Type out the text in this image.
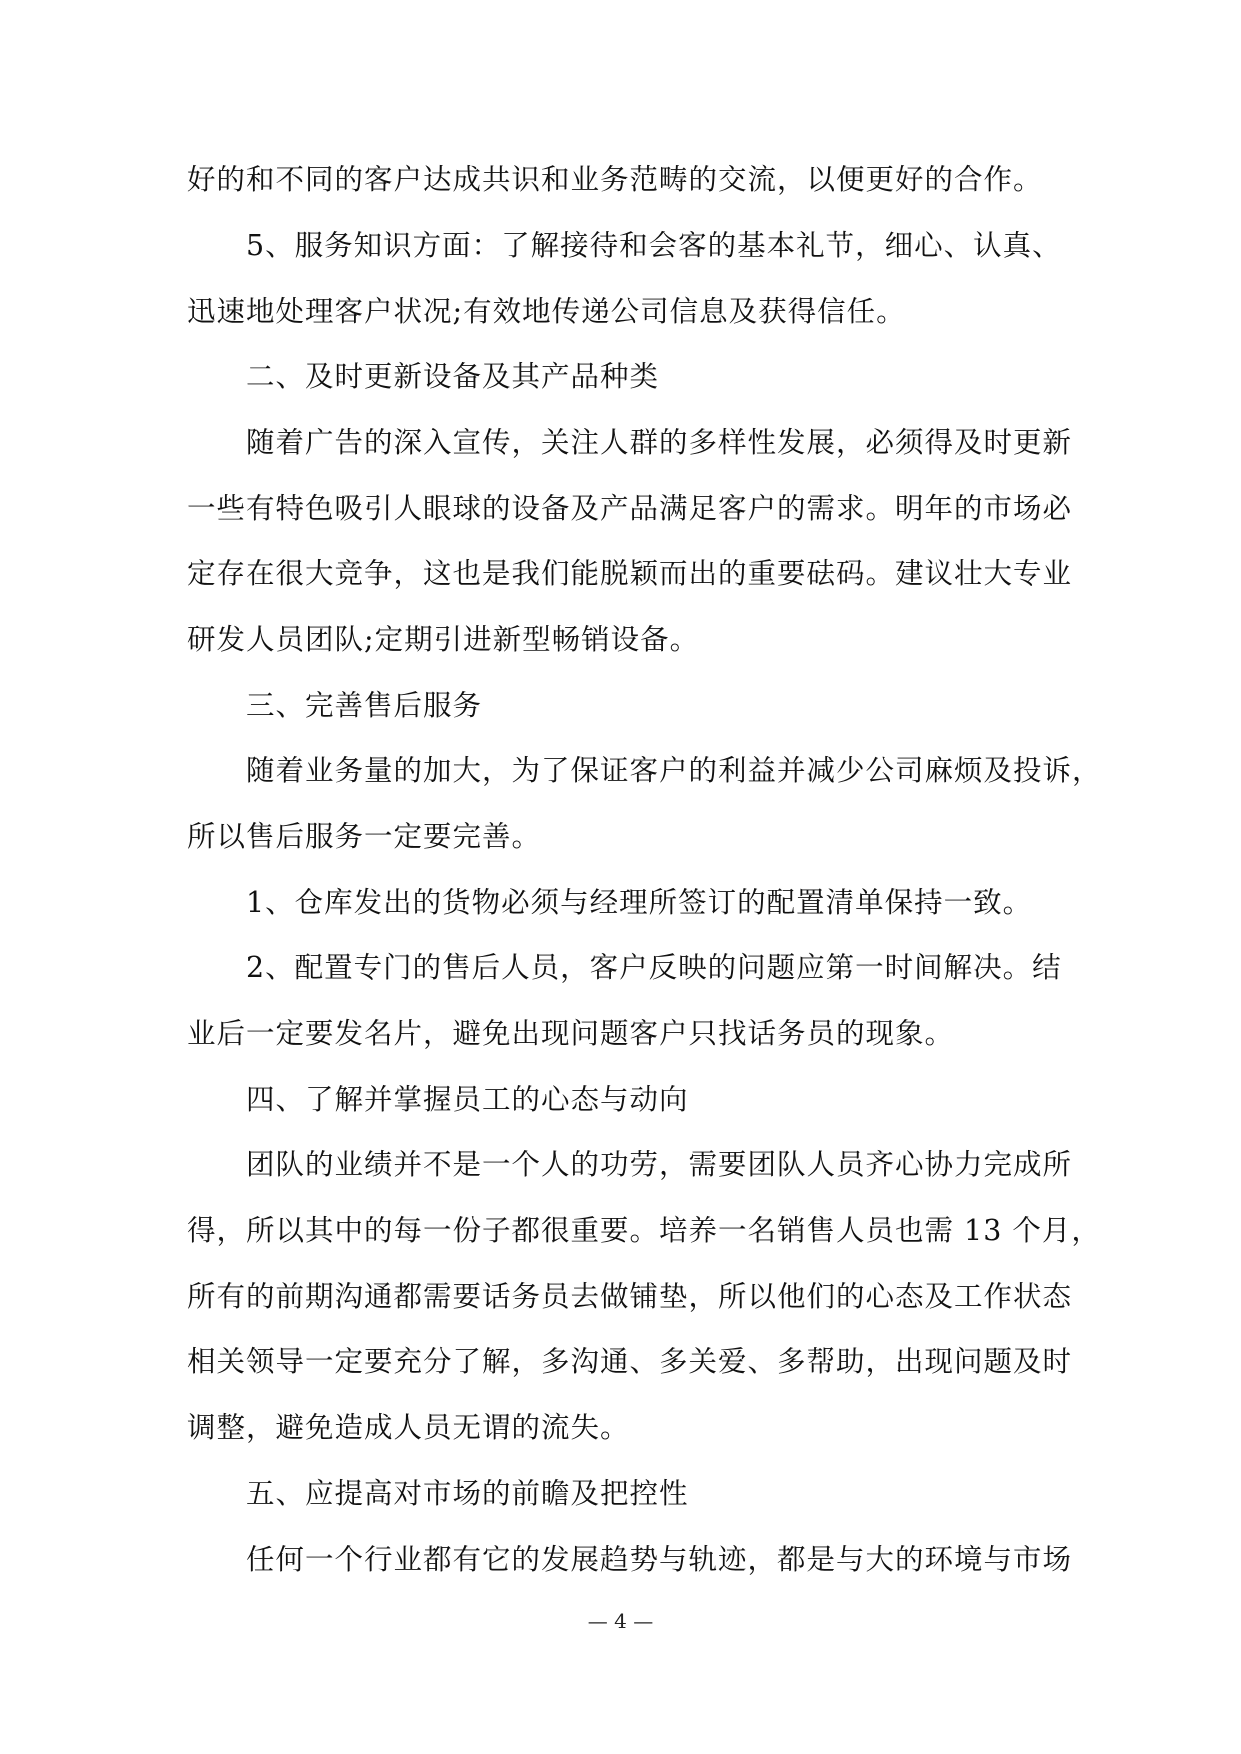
好的和不同的客户达成共识和业务范畴的交流，以便更好的合作。
5、服务知识方面：了解接待和会客的基本礼节，细心、认真、
迅速地处理客户状况;有效地传递公司信息及获得信任。
二、及时更新设备及其产品种类
随着广告的深入宣传，关注人群的多样性发展，必须得及时更新
一些有特色吸引人眼球的设备及产品满足客户的需求。明年的市场必
定存在很大竞争，这也是我们能脱颖而出的重要砝码。建议壮大专业
研发人员团队;定期引进新型畅销设备。
三、完善售后服务
随着业务量的加大，为了保证客户的利益并减少公司麻烦及投诉，
所以售后服务一定要完善。
1、仓库发出的货物必须与经理所签订的配置清单保持一致。
2、配置专门的售后人员，客户反映的问题应第一时间解决。结
业后一定要发名片，避免出现问题客户只找话务员的现象。
四、了解并掌握员工的心态与动向
团队的业绩并不是一个人的功劳，需要团队人员齐心协力完成所
得，所以其中的每一份子都很重要。培养一名销售人员也需 13 个月，
所有的前期沟通都需要话务员去做铺垫，所以他们的心态及工作状态
相关领导一定要充分了解，多沟通、多关爱、多帮助，出现问题及时
调整，避免造成人员无谓的流失。
五、应提高对市场的前瞻及把控性
任何一个行业都有它的发展趋势与轨迹，都是与大的环境与市场
— 4 —
